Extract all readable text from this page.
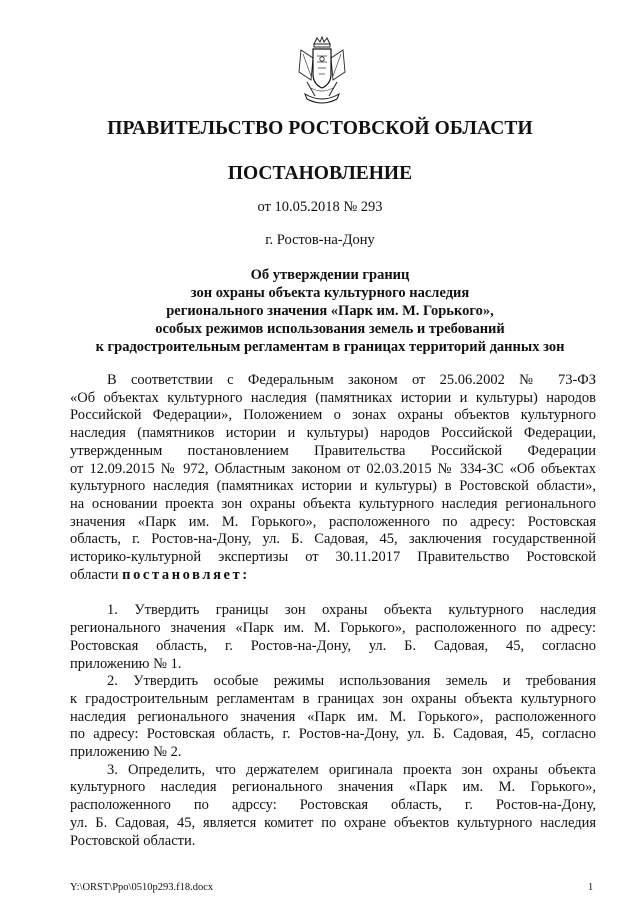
ПРАВИТЕЛЬСТВО РОСТОВСКОЙ ОБЛАСТИ
ПОСТАНОВЛЕНИЕ
от 10.05.2018 № 293
г. Ростов-на-Дону
Об утверждении границ
зон охраны объекта культурного наследия
регионального значения «Парк им. М. Горького»,
особых режимов использования земель и требований
к градостроительным регламентам в границах территорий данных зон
В соответствии с Федеральным законом от 25.06.2002 № 73-ФЗ
«Об объектах культурного наследия (памятниках истории и культуры) народов
Российской Федерации», Положением о зонах охраны объектов культурного
наследия (памятников истории и культуры) народов Российской Федерации,
утвержденным постановлением Правительства Российской Федерации
от 12.09.2015 № 972, Областным законом от 02.03.2015 № 334-ЗС «Об объектах
культурного наследия (памятниках истории и культуры) в Ростовской области»,
на основании проекта зон охраны объекта культурного наследия регионального
значения «Парк им. М. Горького», расположенного по адресу: Ростовская
область, г. Ростов-на-Дону, ул. Б. Садовая, 45, заключения государственной
историко-культурной экспертизы от 30.11.2017 Правительство Ростовской
области постановляет:
1. Утвердить границы зон охраны объекта культурного наследия
регионального значения «Парк им. М. Горького», расположенного по адресу:
Ростовская область, г. Ростов-на-Дону, ул. Б. Садовая, 45, согласно
приложению № 1.
2. Утвердить особые режимы использования земель и требования
к градостроительным регламентам в границах зон охраны объекта культурного
наследия регионального значения «Парк им. М. Горького», расположенного
по адресу: Ростовская область, г. Ростов-на-Дону, ул. Б. Садовая, 45, согласно
приложению № 2.
3. Определить, что держателем оригинала проекта зон охраны объекта
культурного наследия регионального значения «Парк им. М. Горького»,
расположенного по адрссу: Ростовская область, г. Ростов-на-Дону,
ул. Б. Садовая, 45, является комитет по охране объектов культурного наследия
Ростовской области.
Y:\ORST\Ppo\0510p293.f18.docx	1
